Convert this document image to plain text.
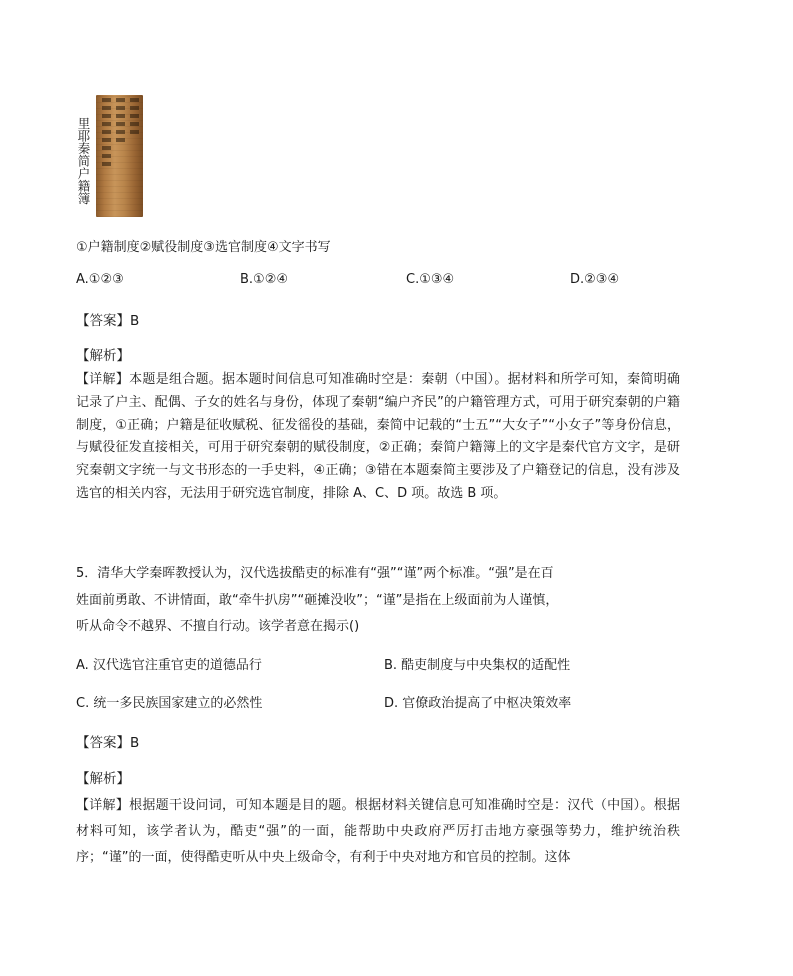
里耶秦简户籍簿
①户籍制度②赋役制度③选官制度④文字书写
A.①②③	B.①②④	C.①③④	D.②③④
【答案】B
【解析】
【详解】本题是组合题。据本题时间信息可知准确时空是：秦朝（中国）。据材料和所学可知，秦简明确记录了户主、配偶、子女的姓名与身份，体现了秦朝“编户齐民”的户籍管理方式，可用于研究秦朝的户籍制度，①正确；户籍是征收赋税、征发徭役的基础，秦简中记载的“士五”“大女子”“小女子”等身份信息，与赋役征发直接相关，可用于研究秦朝的赋役制度，②正确；秦简户籍簿上的文字是秦代官方文字，是研究秦朝文字统一与文书形态的一手史料，④正确；③错在本题秦简主要涉及了户籍登记的信息，没有涉及选官的相关内容，无法用于研究选官制度，排除 A、C、D 项。故选 B 项。
5．清华大学秦晖教授认为，汉代选拔酷吏的标准有“强”“谨”两个标准。“强”是在百
姓面前勇敢、不讲情面，敢“牵牛扒房”“砸摊没收”；“谨”是指在上级面前为人谨慎，
听从命令不越界、不擅自行动。该学者意在揭示()
A. 汉代选官注重官吏的道德品行	B. 酷吏制度与中央集权的适配性
C. 统一多民族国家建立的必然性	D. 官僚政治提高了中枢决策效率
【答案】B
【解析】
【详解】根据题干设问词，可知本题是目的题。根据材料关键信息可知准确时空是：汉代（中国）。根据材料可知，该学者认为，酷吏“强”的一面，能帮助中央政府严厉打击地方豪强等势力，维护统治秩序；“谨”的一面，使得酷吏听从中央上级命令，有利于中央对地方和官员的控制。这体
